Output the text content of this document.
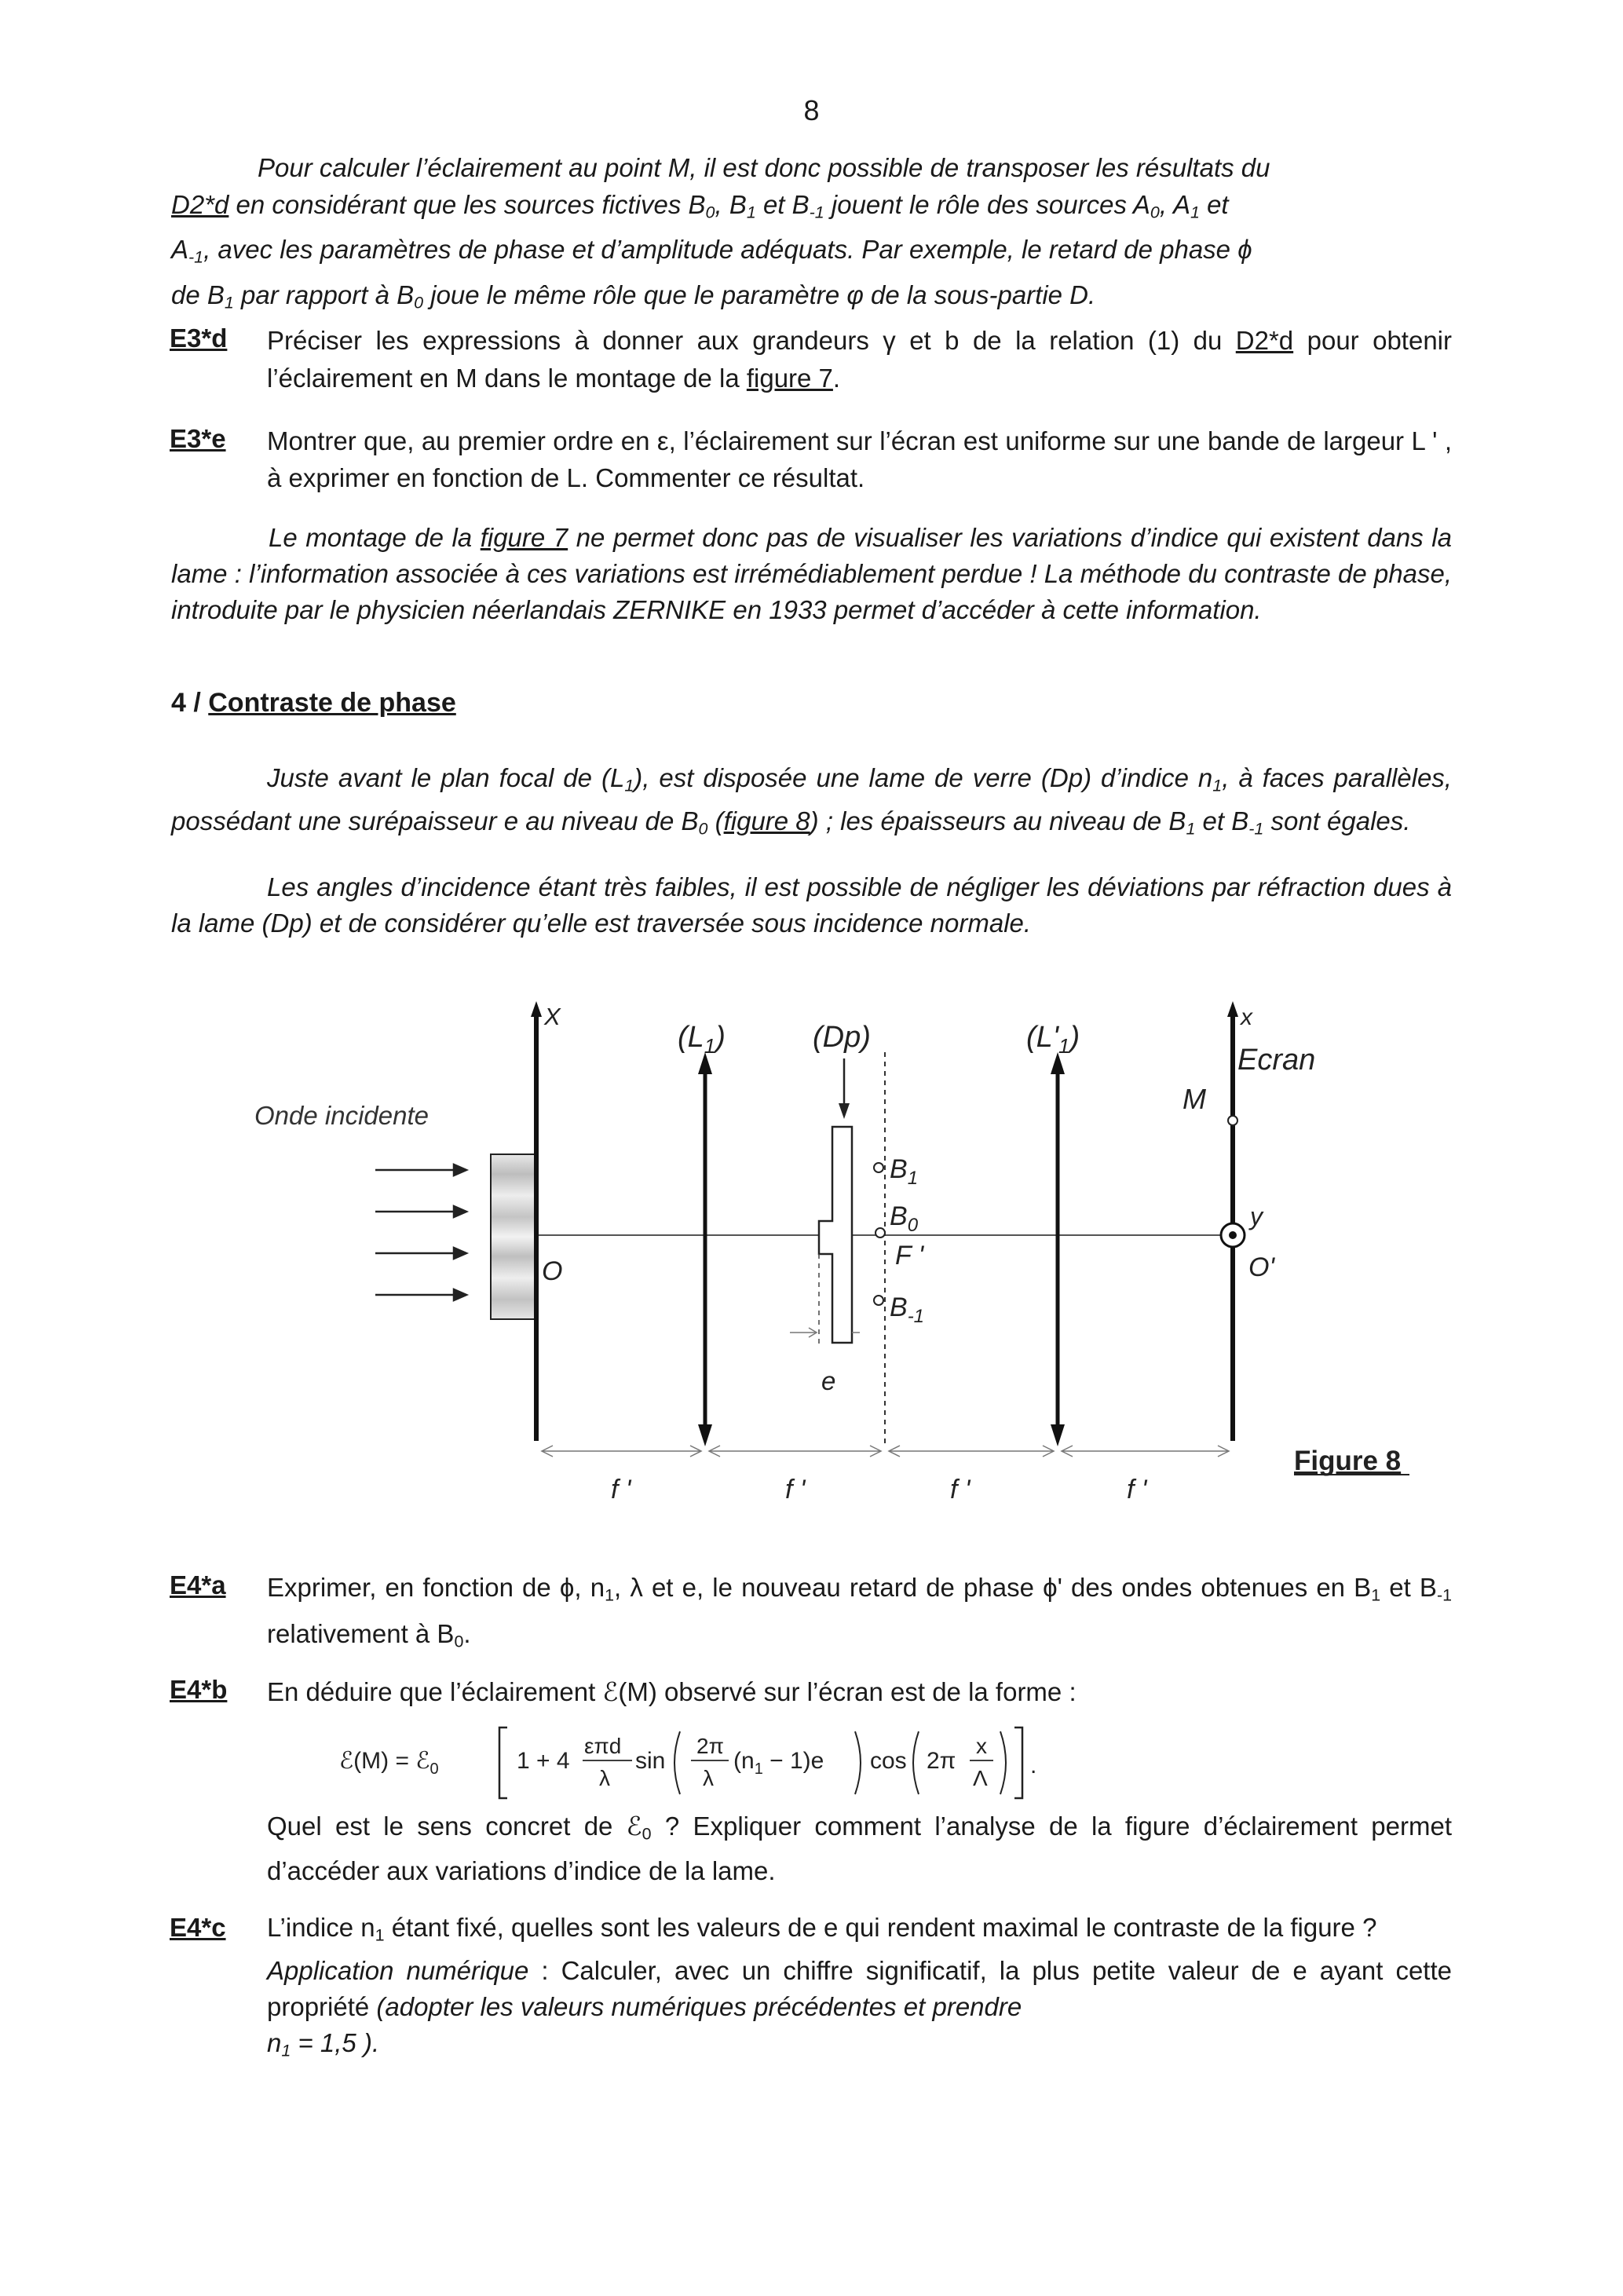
8
Pour calculer l’éclairement au point M, il est donc possible de transposer les résultats du
D2*d en considérant que les sources fictives $B_0$, $B_1$ et $B_{-1}$ jouent le rôle des sources $A_0$, $A_1$ et
$A_{-1}$, avec les paramètres de phase et d’amplitude adéquats. Par exemple, le retard de phase ϕ
de $B_1$ par rapport à $B_0$ joue le même rôle que le paramètre φ de la sous-partie D.
E3*d Préciser les expressions à donner aux grandeurs γ et b de la relation (1) du D2*d pour obtenir l’éclairement en M dans le montage de la figure 7.
E3*e Montrer que, au premier ordre en ε, l’éclairement sur l’écran est uniforme sur une bande de largeur L ' , à exprimer en fonction de L. Commenter ce résultat.
Le montage de la figure 7 ne permet donc pas de visualiser les variations d’indice qui existent dans la lame : l’information associée à ces variations est irrémédiablement perdue ! La méthode du contraste de phase, introduite par le physicien néerlandais ZERNIKE en 1933 permet d’accéder à cette information.
4 / Contraste de phase
Juste avant le plan focal de $(L_1)$, est disposée une lame de verre (Dp) d’indice $n_1$, à faces parallèles, possédant une surépaisseur e au niveau de $B_0$ (figure 8) ; les épaisseurs au niveau de $B_1$ et $B_{-1}$ sont égales.
Les angles d’incidence étant très faibles, il est possible de négliger les déviations par réfraction dues à la lame (Dp) et de considérer qu’elle est traversée sous incidence normale.
Onde incidente
X
O
$(L_1)$	(Dp)
e
$B_1$
$B_0$
F '
$B_{-1}$
$(L'_1)$
x
Ecran
M
y
O'
f '	f '	f '	f '
Figure 8
E4*a Exprimer, en fonction de ϕ, $n_1$, λ et e, le nouveau retard de phase ϕ' des ondes obtenues en $B_1$ et $B_{-1}$ relativement à $B_0$.
E4*b En déduire que l’éclairement ℰ(M) observé sur l’écran est de la forme :
ℰ(M) = ℰ$_0$	1 + 4
επd
λ
sin
2π
λ
$(n_1 - 1)e$ cos 2π
x
Λ .
Quel est le sens concret de ℰ$_0$ ? Expliquer comment l’analyse de la figure d’éclairement permet d’accéder aux variations d’indice de la lame.
E4*c L’indice $n_1$ étant fixé, quelles sont les valeurs de e qui rendent maximal le contraste de la figure ?
Application numérique : Calculer, avec un chiffre significatif, la plus petite valeur de e ayant cette propriété (adopter les valeurs numériques précédentes et prendre
$n_1 = 1,5$ ).
